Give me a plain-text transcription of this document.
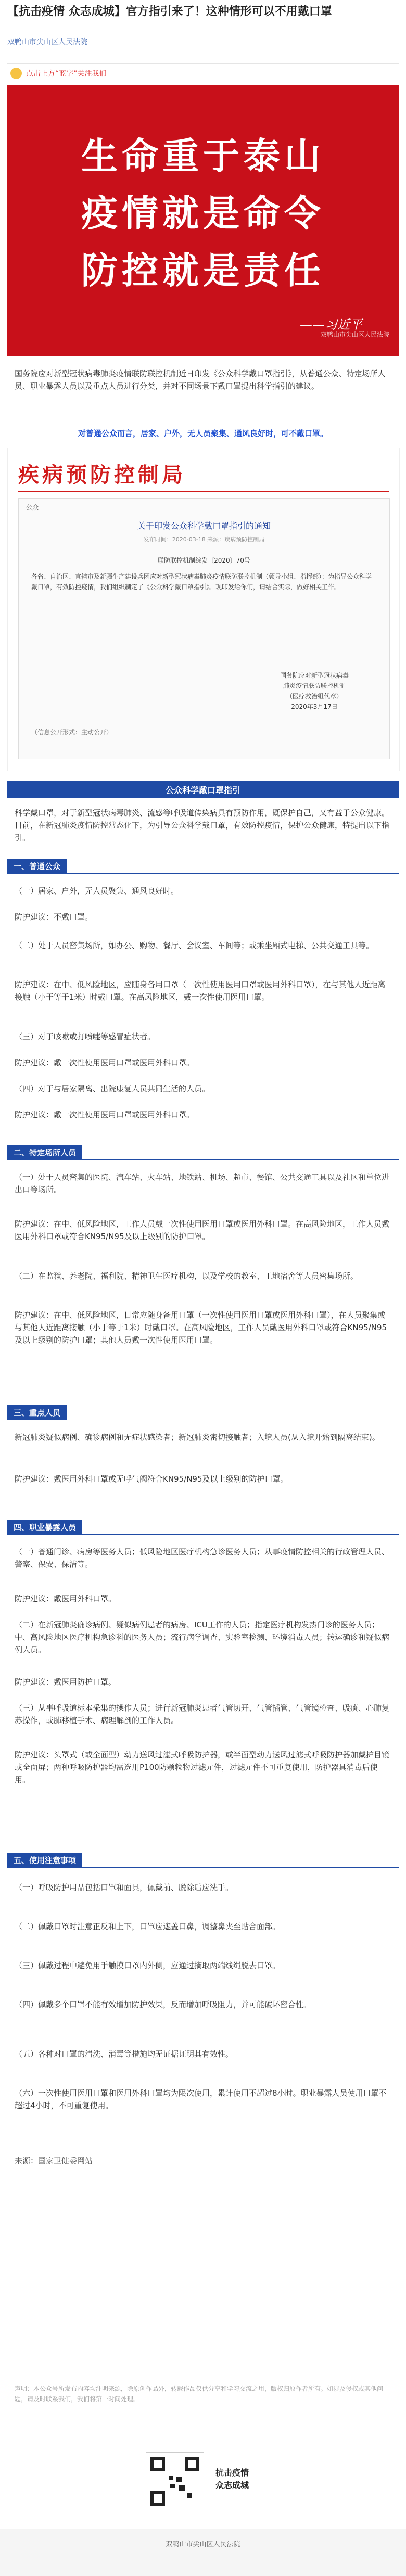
【抗击疫情 众志成城】官方指引来了！这种情形可以不用戴口罩
双鸭山市尖山区人民法院
点击上方“蓝字”关注我们
生命重于泰山
疫情就是命令
防控就是责任
——习近平
双鸭山市尖山区人民法院
国务院应对新型冠状病毒肺炎疫情联防联控机制近日印发《公众科学戴口罩指引》，从普通公众、特定场所人员、职业暴露人员以及重点人员进行分类，并对不同场景下戴口罩提出科学指引的建议。
对普通公众而言，居家、户外，无人员聚集、通风良好时，可不戴口罩。
疾病预防控制局
公众
关于印发公众科学戴口罩指引的通知
发布时间：2020-03-18 来源：疾病预防控制局
联防联控机制综发〔2020〕70号
各省、自治区、直辖市及新疆生产建设兵团应对新型冠状病毒肺炎疫情联防联控机制（领导小组、指挥部）：为指导公众科学戴口罩，有效防控疫情，我们组织制定了《公众科学戴口罩指引》。现印发给你们，请结合实际，做好相关工作。
国务院应对新型冠状病毒
肺炎疫情联防联控机制
（医疗救治组代章）
2020年3月17日
（信息公开形式：主动公开）
公众科学戴口罩指引
科学戴口罩，对于新型冠状病毒肺炎、流感等呼吸道传染病具有预防作用，既保护自己，又有益于公众健康。目前，在新冠肺炎疫情防控常态化下，为引导公众科学戴口罩，有效防控疫情，保护公众健康，特提出以下指引。
一、普通公众
（一）居家、户外，无人员聚集、通风良好时。
防护建议：不戴口罩。
（二）处于人员密集场所，如办公、购物、餐厅、会议室、车间等；或乘坐厢式电梯、公共交通工具等。
防护建议：在中、低风险地区，应随身备用口罩（一次性使用医用口罩或医用外科口罩），在与其他人近距离接触（小于等于1米）时戴口罩。在高风险地区，戴一次性使用医用口罩。
（三）对于咳嗽或打喷嚏等感冒症状者。
防护建议：戴一次性使用医用口罩或医用外科口罩。
（四）对于与居家隔离、出院康复人员共同生活的人员。
防护建议：戴一次性使用医用口罩或医用外科口罩。
二、特定场所人员
（一）处于人员密集的医院、汽车站、火车站、地铁站、机场、超市、餐馆、公共交通工具以及社区和单位进出口等场所。
防护建议：在中、低风险地区，工作人员戴一次性使用医用口罩或医用外科口罩。在高风险地区，工作人员戴医用外科口罩或符合KN95/N95及以上级别的防护口罩。
（二）在监狱、养老院、福利院、精神卫生医疗机构，以及学校的教室、工地宿舍等人员密集场所。
防护建议：在中、低风险地区，日常应随身备用口罩（一次性使用医用口罩或医用外科口罩），在人员聚集或与其他人近距离接触（小于等于1米）时戴口罩。在高风险地区，工作人员戴医用外科口罩或符合KN95/N95及以上级别的防护口罩；其他人员戴一次性使用医用口罩。
三、重点人员
新冠肺炎疑似病例、确诊病例和无症状感染者；新冠肺炎密切接触者；入境人员(从入境开始到隔离结束)。
防护建议：戴医用外科口罩或无呼气阀符合KN95/N95及以上级别的防护口罩。
四、职业暴露人员
（一）普通门诊、病房等医务人员；低风险地区医疗机构急诊医务人员；从事疫情防控相关的行政管理人员、警察、保安、保洁等。
防护建议：戴医用外科口罩。
（二）在新冠肺炎确诊病例、疑似病例患者的病房、ICU工作的人员；指定医疗机构发热门诊的医务人员；中、高风险地区医疗机构急诊科的医务人员；流行病学调查、实验室检测、环境消毒人员；转运确诊和疑似病例人员。
防护建议：戴医用防护口罩。
（三）从事呼吸道标本采集的操作人员；进行新冠肺炎患者气管切开、气管插管、气管镜检查、吸痰、心肺复苏操作，或肺移植手术、病理解剖的工作人员。
防护建议：头罩式（或全面型）动力送风过滤式呼吸防护器，或半面型动力送风过滤式呼吸防护器加戴护目镜或全面屏；两种呼吸防护器均需选用P100防颗粒物过滤元件，过滤元件不可重复使用，防护器具消毒后使用。
五、使用注意事项
（一）呼吸防护用品包括口罩和面具，佩戴前、脱除后应洗手。
（二）佩戴口罩时注意正反和上下，口罩应遮盖口鼻，调整鼻夹至贴合面部。
（三）佩戴过程中避免用手触摸口罩内外侧，应通过摘取两端线绳脱去口罩。
（四）佩戴多个口罩不能有效增加防护效果，反而增加呼吸阻力，并可能破坏密合性。
（五）各种对口罩的清洗、消毒等措施均无证据证明其有效性。
（六）一次性使用医用口罩和医用外科口罩均为限次使用，累计使用不超过8小时。职业暴露人员使用口罩不超过4小时，不可重复使用。
来源：国家卫健委网站
声明：本公众号所发布内容均注明来源，除原创作品外，转载作品仅供分享和学习交流之用，版权归原作者所有。如涉及侵权或其他问题，请及时联系我们，我们将第一时间处理。
抗击疫情
众志成城
双鸭山市尖山区人民法院
